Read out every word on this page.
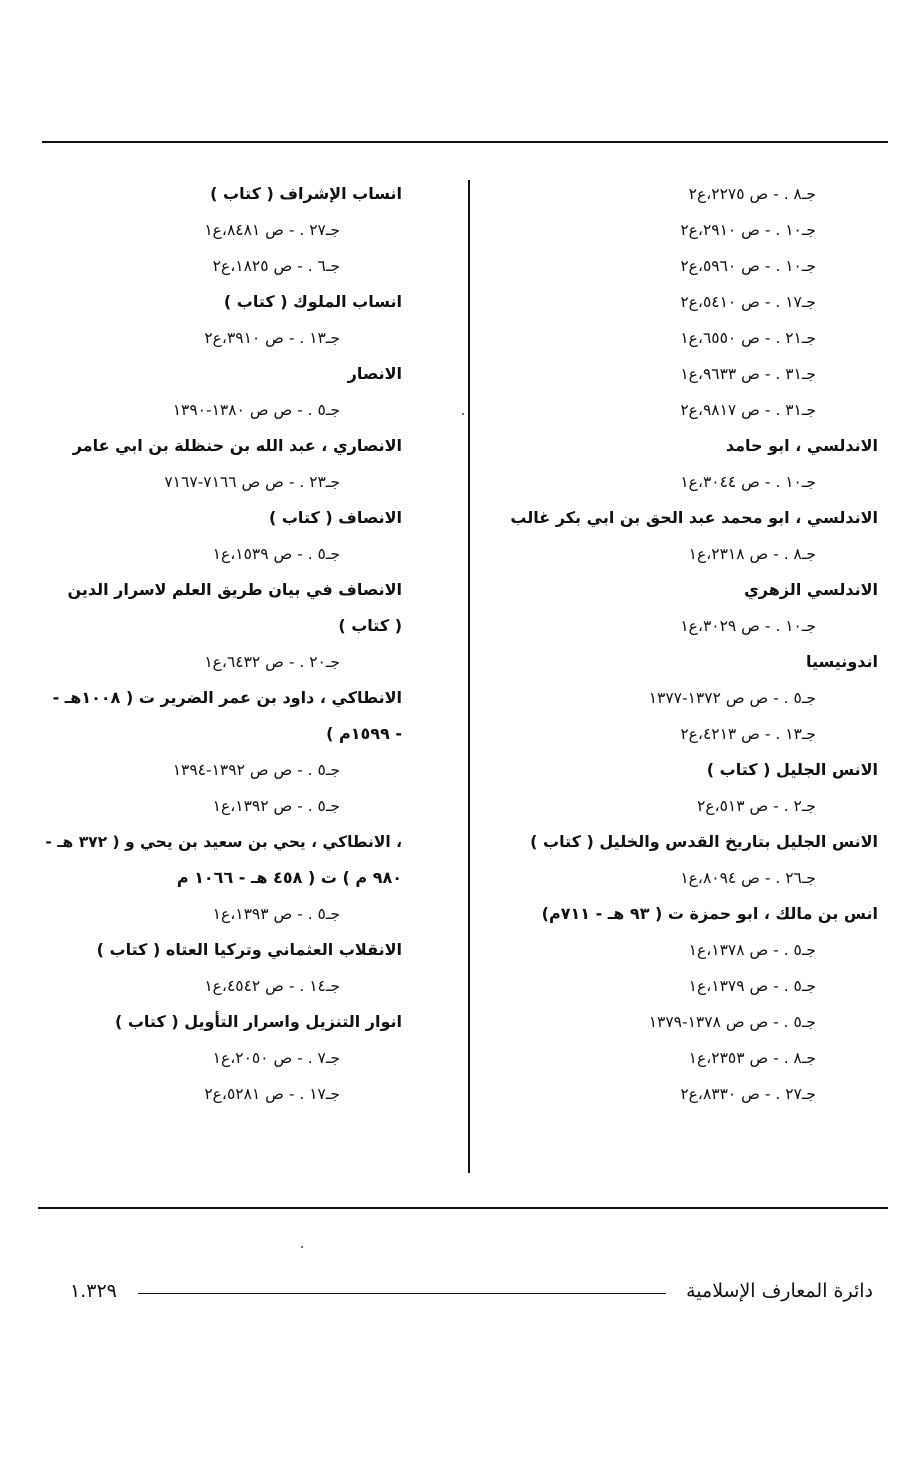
جـ٨ . - ص ٢٢٧٥،ع٢
جـ١٠ . - ص ٢٩١٠،ع٢
جـ١٠ . - ص ٥٩٦٠،ع٢
جـ١٧ . - ص ٥٤١٠،ع٢
جـ٢١ . - ص ٦٥٥٠،ع١
جـ٣١ . - ص ٩٦٣٣،ع١
جـ٣١ . - ص ٩٨١٧،ع٢
الاندلسي ، ابو حامد
جـ١٠ . - ص ٣٠٤٤،ع١
الاندلسي ، ابو محمد عبد الحق بن ابي بكر غالب
جـ٨ . - ص ٢٣١٨،ع١
الاندلسي الزهري
جـ١٠ . - ص ٣٠٢٩،ع١
اندونيسيا
جـ٥ . - ص ص ١٣٧٢-١٣٧٧
جـ١٣ . - ص ٤٢١٣،ع٢
الانس الجليل ( كتاب )
جـ٢ . - ص ٥١٣،ع٢
الانس الجليل بتاريخ القدس والخليل ( كتاب )
جـ٢٦ . - ص ٨٠٩٤،ع١
انس بن مالك ، ابو حمزة ت ( ٩٣ هـ - ٧١١م)
جـ٥ . - ص ١٣٧٨،ع١
جـ٥ . - ص ١٣٧٩،ع١
جـ٥ . - ص ص ١٣٧٨-١٣٧٩
جـ٨ . - ص ٢٣٥٣،ع١
جـ٢٧ . - ص ٨٣٣٠،ع٢
انساب الإشراف ( كتاب )
جـ٢٧ . - ص ٨٤٨١،ع١
جـ٦ . - ص ١٨٢٥،ع٢
انساب الملوك ( كتاب )
جـ١٣ . - ص ٣٩١٠،ع٢
الانصار
جـ٥ . - ص ص ١٣٨٠-١٣٩٠
الانصاري ، عبد الله بن حنظلة بن ابي عامر
جـ٢٣ . - ص ص ٧١٦٦-٧١٦٧
الانصاف ( كتاب )
جـ٥ . - ص ١٥٣٩،ع١
الانصاف في بيان طريق العلم لاسرار الدين
( كتاب )
جـ٢٠ . - ص ٦٤٣٢،ع١
الانطاكي ، داود بن عمر الضرير ت ( ١٠٠٨هـ -
- ١٥٩٩م )
جـ٥ . - ص ص ١٣٩٢-١٣٩٤
جـ٥ . - ص ١٣٩٢،ع١
، الانطاكي ، يحي بن سعيد بن يحي و ( ٣٧٢ هـ -
٩٨٠ م ) ت ( ٤٥٨ هـ - ١٠٦٦ م
جـ٥ . - ص ١٣٩٣،ع١
الانقلاب العثماني وتركيا العتاه ( كتاب )
جـ١٤ . - ص ٤٥٤٢،ع١
انوار التنزيل واسرار التأويل ( كتاب )
جـ٧ . - ص ٢٠٥٠،ع١
جـ١٧ . - ص ٥٢٨١،ع٢
دائرة المعارف الإسلامية
١.٣٢٩
